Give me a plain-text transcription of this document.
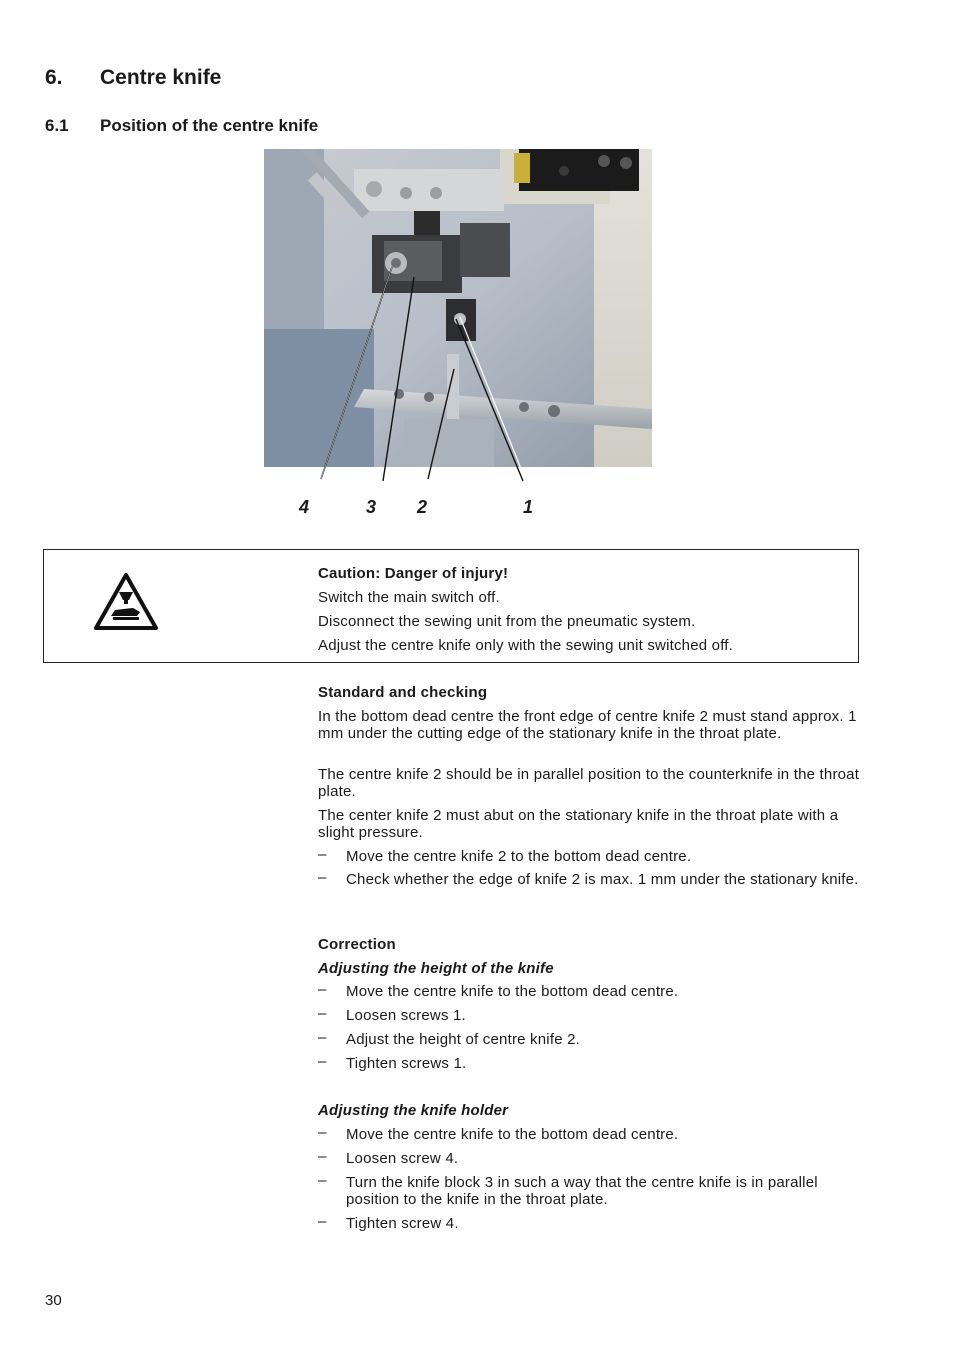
6. Centre knife
6.1 Position of the centre knife
4	3 2	1
Caution: Danger of injury!
Switch the main switch off.
Disconnect the sewing unit from the pneumatic system.
Adjust the centre knife only with the sewing unit switched off.
Standard and checking
In the bottom dead centre the front edge of centre knife 2 must stand approx. 1 mm under the cutting edge of the stationary knife in the throat plate.
The centre knife 2 should be in parallel position to the counterknife in the throat plate.
The center knife 2 must abut on the stationary knife in the throat plate with a slight pressure.
–	Move the centre knife 2 to the bottom dead centre.
–	Check whether the edge of knife 2 is max. 1 mm under the stationary knife.
Correction
Adjusting the height of the knife
–	Move the centre knife to the bottom dead centre.
–	Loosen screws 1.
–	Adjust the height of centre knife 2.
–	Tighten screws 1.
Adjusting the knife holder
–	Move the centre knife to the bottom dead centre.
–	Loosen screw 4.
–	Turn the knife block 3 in such a way that the centre knife is in parallel position to the knife in the throat plate.
–	Tighten screw 4.
30
